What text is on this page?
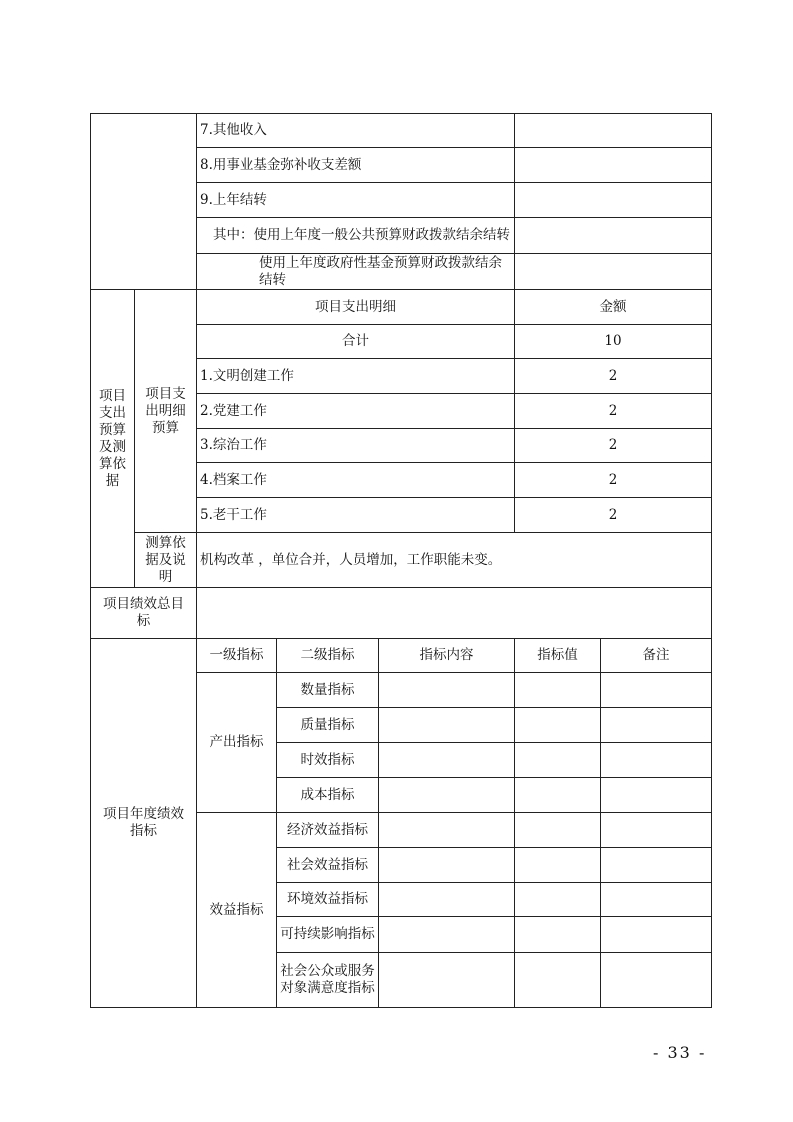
		7.其他收入				
		8.用事业基金弥补收支差额				
		9.上年结转				
		其中：使用上年度一般公共预算财政拨款结余结转				
		使用上年度政府性基金预算财政拨款结余结转				
项目支出预算及测算依据	项目支出明细预算	项目支出明细			金额	
		合计			10	
		1.文明创建工作			2	
		2.党建工作			2	
		3.综治工作			2	
		4.档案工作			2	
		5.老干工作			2	
	测算依据及说明	机构改革 ，单位合并，人员增加，工作职能未变。				
项目绩效总目标						
项目年度绩效指标		一级指标	二级指标	指标内容	指标值	备注
		产出指标	数量指标			
			质量指标			
			时效指标			
			成本指标			
		效益指标	经济效益指标			
			社会效益指标			
			环境效益指标			
			可持续影响指标			
			社会公众或服务对象满意度指标			
- 33 -
